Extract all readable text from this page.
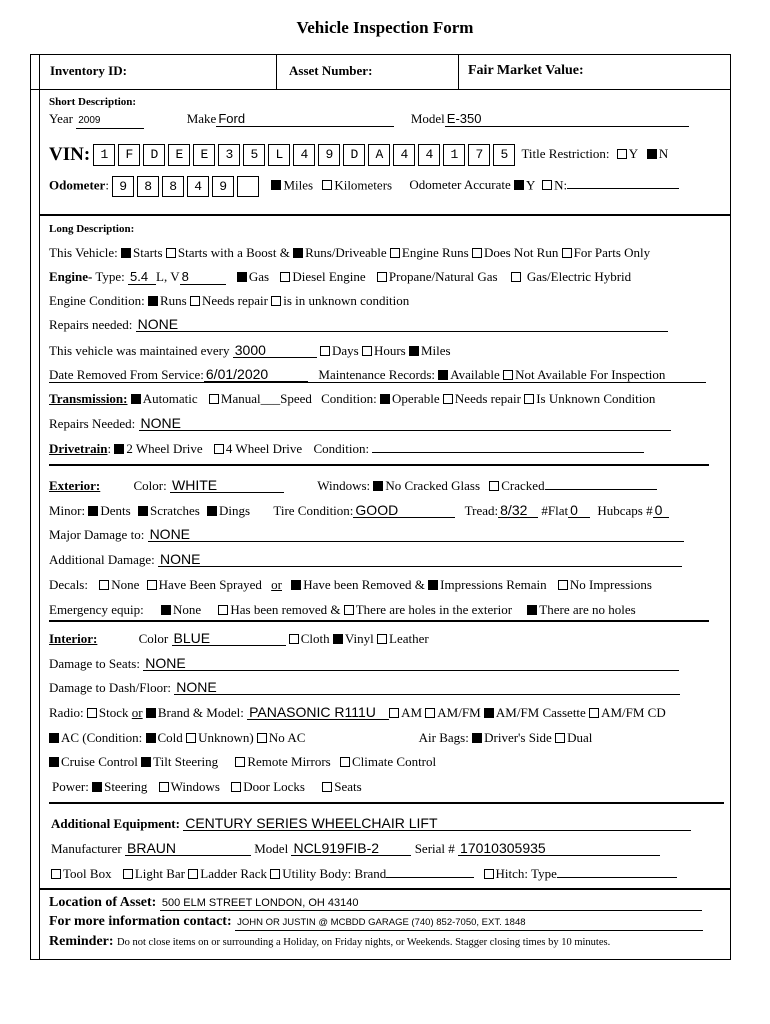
Vehicle Inspection Form
Inventory ID:	Asset Number:	Fair Market Value:
Short Description:
Year 2009	Make Ford	Model E-350
VIN: 1 F D E E 3 5 L 4 9 D A 4 4 1 7 5 Title Restriction: Y N
Odometer: 9 8 8 4 9	Miles Kilometers Odometer Accurate Y N:
Long Description:
This Vehicle: Starts Starts with a Boost & Runs/Driveable Engine Runs Does Not Run For Parts Only
Engine- Type: 5.4 L, V 8	Gas Diesel Engine Propane/Natural Gas Gas/Electric Hybrid
Engine Condition: Runs Needs repair is in unknown condition
Repairs needed: NONE
This vehicle was maintained every 3000	Days Hours Miles
Date Removed From Service: 6/01/2020	Maintenance Records: Available Not Available For Inspection
Transmission: Automatic Manual___Speed Condition: Operable Needs repair Is Unknown Condition
Repairs Needed: NONE
Drivetrain: 2 Wheel Drive 4 Wheel Drive Condition:
Exterior:	Color: WHITE	Windows: No Cracked Glass Cracked
Minor: Dents Scratches Dings Tire Condition: GOOD	Tread: 8/32 #Flat 0 Hubcaps # 0
Major Damage to: NONE
Additional Damage: NONE
Decals: None Have Been Sprayed or Have been Removed & Impressions Remain No Impressions
Emergency equip: None Has been removed & There are holes in the exterior There are no holes
Interior:	Color BLUE	Cloth Vinyl Leather
Damage to Seats: NONE
Damage to Dash/Floor: NONE
Radio: Stock or Brand & Model: PANASONIC R111U AM AM/FM AM/FM Cassette AM/FM CD
AC (Condition: Cold Unknown) No AC	Air Bags: Driver's Side Dual
Cruise Control Tilt Steering Remote Mirrors Climate Control
Power: Steering Windows Door Locks Seats
Additional Equipment: CENTURY SERIES WHEELCHAIR LIFT
Manufacturer BRAUN	Model NCL919FIB-2	Serial # 17010305935
Tool Box Light Bar Ladder Rack Utility Body: Brand	Hitch: Type
Location of Asset: 500 ELM STREET LONDON, OH 43140
For more information contact: JOHN OR JUSTIN @ MCBDD GARAGE (740) 852-7050, EXT. 1848
Reminder: Do not close items on or surrounding a Holiday, on Friday nights, or Weekends. Stagger closing times by 10 minutes.
